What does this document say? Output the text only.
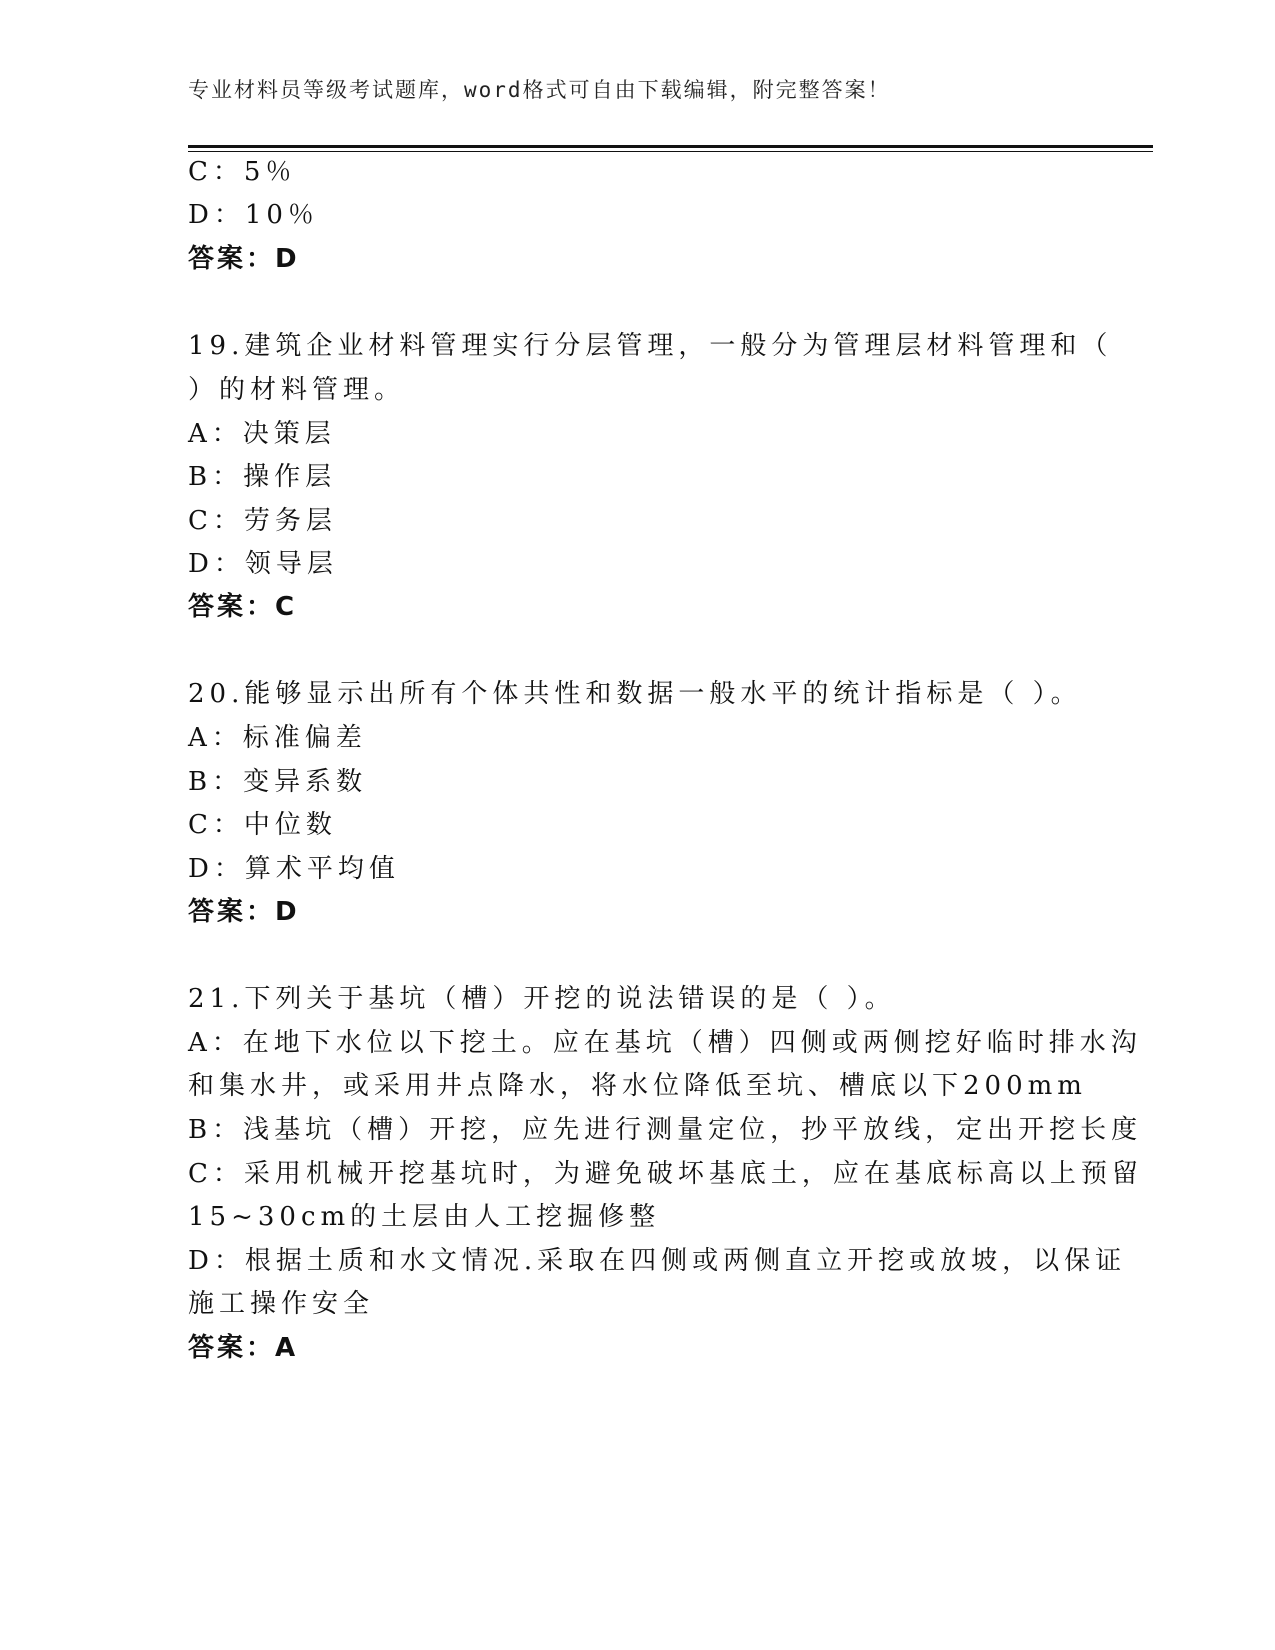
专业材料员等级考试题库，word格式可自由下载编辑，附完整答案！
C：5％
D：10％
答案：D
19.建筑企业材料管理实行分层管理，一般分为管理层材料管理和（
）的材料管理。
A：决策层
B：操作层
C：劳务层
D：领导层
答案：C
20.能够显示出所有个体共性和数据一般水平的统计指标是（ ）。
A：标准偏差
B：变异系数
C：中位数
D：算术平均值
答案：D
21.下列关于基坑（槽）开挖的说法错误的是（ ）。
A：在地下水位以下挖土。应在基坑（槽）四侧或两侧挖好临时排水沟
和集水井，或采用井点降水，将水位降低至坑、槽底以下200mm
B：浅基坑（槽）开挖，应先进行测量定位，抄平放线，定出开挖长度
C：采用机械开挖基坑时，为避免破坏基底土，应在基底标高以上预留
15~30cm的土层由人工挖掘修整
D：根据土质和水文情况.采取在四侧或两侧直立开挖或放坡，以保证
施工操作安全
答案：A
